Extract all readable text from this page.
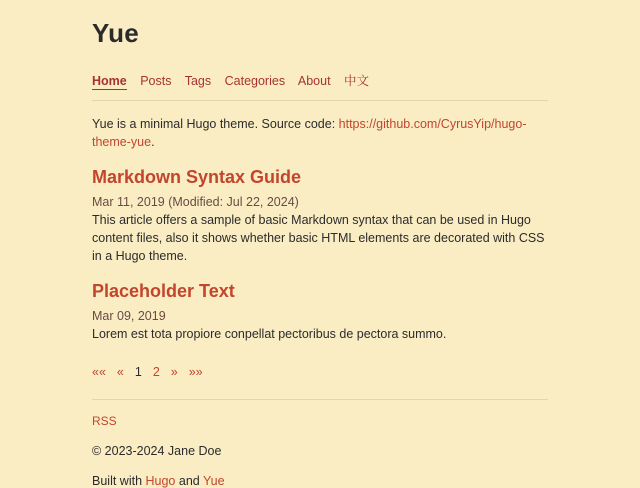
Yue
Home Posts Tags Categories About 中文

Yue is a minimal Hugo theme. Source code: https://github.com/CyrusYip/hugo-theme-yue.

Markdown Syntax Guide
Mar 11, 2019 (Modified: Jul 22, 2024)

This article offers a sample of basic Markdown syntax that can be used in Hugo content files, also it shows whether basic HTML elements are decorated with CSS in a Hugo theme.

Placeholder Text
Mar 09, 2019

Lorem est tota propiore conpellat pectoribus de pectora summo.

«« « 1 2 » »»
RSS

© 2023-2024 Jane Doe

Built with Hugo and Yue
